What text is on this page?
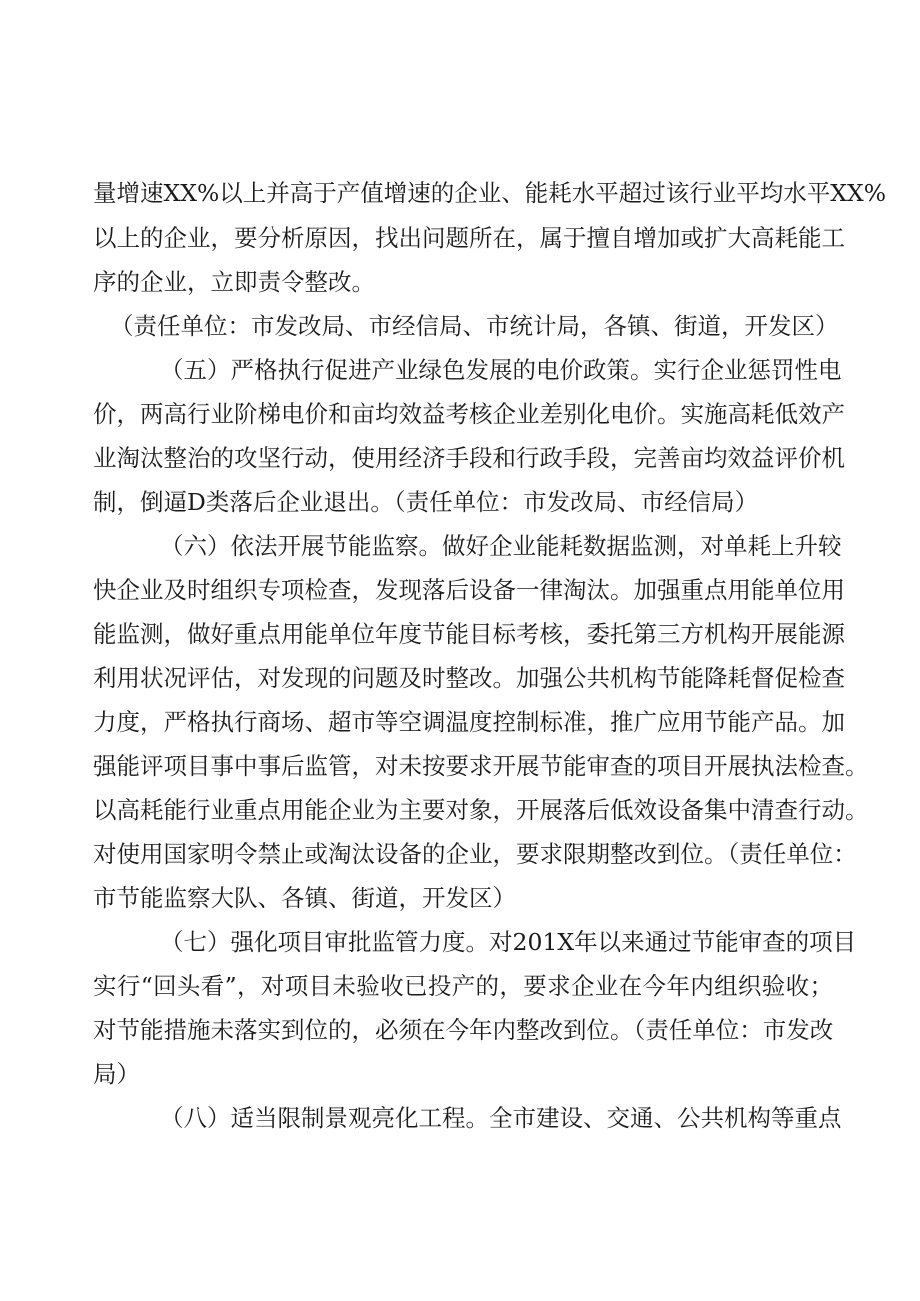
量增速XX%以上并高于产值增速的企业、能耗水平超过该行业平均水平XX%
以上的企业，要分析原因，找出问题所在，属于擅自增加或扩大高耗能工
序的企业，立即责令整改。
（责任单位：市发改局、市经信局、市统计局，各镇、街道，开发区）
（五）严格执行促进产业绿色发展的电价政策。实行企业惩罚性电
价，两高行业阶梯电价和亩均效益考核企业差别化电价。实施高耗低效产
业淘汰整治的攻坚行动，使用经济手段和行政手段，完善亩均效益评价机
制，倒逼D类落后企业退出。（责任单位：市发改局、市经信局）
（六）依法开展节能监察。做好企业能耗数据监测，对单耗上升较
快企业及时组织专项检查，发现落后设备一律淘汰。加强重点用能单位用
能监测，做好重点用能单位年度节能目标考核，委托第三方机构开展能源
利用状况评估，对发现的问题及时整改。加强公共机构节能降耗督促检查
力度，严格执行商场、超市等空调温度控制标准，推广应用节能产品。加
强能评项目事中事后监管，对未按要求开展节能审查的项目开展执法检查。
以高耗能行业重点用能企业为主要对象，开展落后低效设备集中清查行动。
对使用国家明令禁止或淘汰设备的企业，要求限期整改到位。（责任单位：
市节能监察大队、各镇、街道，开发区）
（七）强化项目审批监管力度。对201X年以来通过节能审查的项目
实行“回头看”，对项目未验收已投产的，要求企业在今年内组织验收；
对节能措施未落实到位的，必须在今年内整改到位。（责任单位：市发改
局）
（八）适当限制景观亮化工程。全市建设、交通、公共机构等重点
